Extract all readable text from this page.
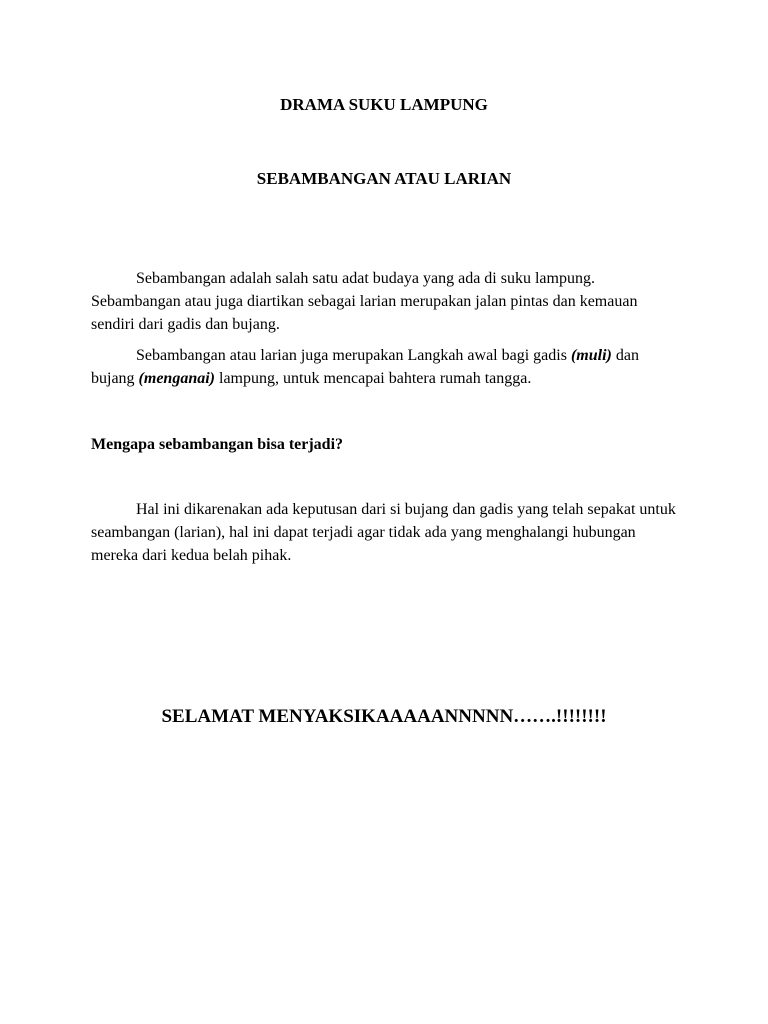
DRAMA SUKU LAMPUNG
SEBAMBANGAN ATAU LARIAN

Sebambangan adalah salah satu adat budaya yang ada di suku lampung. Sebambangan atau juga diartikan sebagai larian merupakan jalan pintas dan kemauan sendiri dari gadis dan bujang.

Sebambangan atau larian juga merupakan Langkah awal bagi gadis (muli) dan bujang (menganai) lampung, untuk mencapai bahtera rumah tangga.

Mengapa sebambangan bisa terjadi?

Hal ini dikarenakan ada keputusan dari si bujang dan gadis yang telah sepakat untuk seambangan (larian), hal ini dapat terjadi agar tidak ada yang menghalangi hubungan mereka dari kedua belah pihak.

SELAMAT MENYAKSIKAAAAANNNNN…….!!!!!!!!
